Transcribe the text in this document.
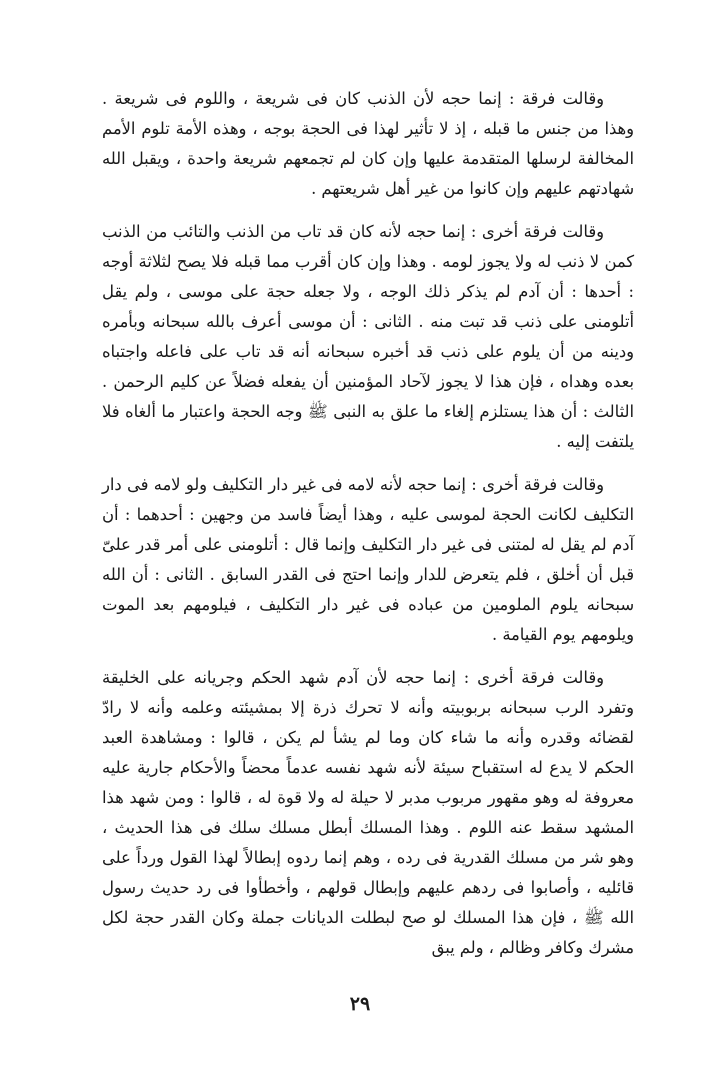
وقالت فرقة : إنما حجه لأن الذنب كان فى شريعة ، واللوم فى شريعة . وهذا من جنس ما قبله ، إذ لا تأثير لهذا فى الحجة بوجه ، وهذه الأمة تلوم الأمم المخالفة لرسلها المتقدمة عليها وإن كان لم تجمعهم شريعة واحدة ، ويقبل الله شهادتهم عليهم وإن كانوا من غير أهل شريعتهم .

وقالت فرقة أخرى : إنما حجه لأنه كان قد تاب من الذنب والتائب من الذنب كمن لا ذنب له ولا يجوز لومه . وهذا وإن كان أقرب مما قبله فلا يصح لثلاثة أوجه : أحدها : أن آدم لم يذكر ذلك الوجه ، ولا جعله حجة على موسى ، ولم يقل أتلومنى على ذنب قد تبت منه . الثانى : أن موسى أعرف بالله سبحانه وبأمره ودينه من أن يلوم على ذنب قد أخبره سبحانه أنه قد تاب على فاعله واجتباه بعده وهداه ، فإن هذا لا يجوز لآحاد المؤمنين أن يفعله فضلاً عن كليم الرحمن . الثالث : أن هذا يستلزم إلغاء ما علق به النبى ﷺ وجه الحجة واعتبار ما ألغاه فلا يلتفت إليه .

وقالت فرقة أخرى : إنما حجه لأنه لامه فى غير دار التكليف ولو لامه فى دار التكليف لكانت الحجة لموسى عليه ، وهذا أيضاً فاسد من وجهين : أحدهما : أن آدم لم يقل له لمتنى فى غير دار التكليف وإنما قال : أتلومنى على أمر قدر علىّ قبل أن أخلق ، فلم يتعرض للدار وإنما احتج فى القدر السابق . الثانى : أن الله سبحانه يلوم الملومين من عباده فى غير دار التكليف ، فيلومهم بعد الموت ويلومهم يوم القيامة .

وقالت فرقة أخرى : إنما حجه لأن آدم شهد الحكم وجريانه على الخليقة وتفرد الرب سبحانه بربوبيته وأنه لا تحرك ذرة إلا بمشيئته وعلمه وأنه لا رادّ لقضائه وقدره وأنه ما شاء كان وما لم يشأ لم يكن ، قالوا : ومشاهدة العبد الحكم لا يدع له استقباح سيئة لأنه شهد نفسه عدماً محضاً والأحكام جارية عليه معروفة له وهو مقهور مربوب مدبر لا حيلة له ولا قوة له ، قالوا : ومن شهد هذا المشهد سقط عنه اللوم . وهذا المسلك أبطل مسلك سلك فى هذا الحديث ، وهو شر من مسلك القدرية فى رده ، وهم إنما ردوه إبطالاً لهذا القول ورداً على قائليه ، وأصابوا فى ردهم عليهم وإبطال قولهم ، وأخطأوا فى رد حديث رسول الله ﷺ ، فإن هذا المسلك لو صح لبطلت الديانات جملة وكان القدر حجة لكل مشرك وكافر وظالم ، ولم يبق

٢٩
